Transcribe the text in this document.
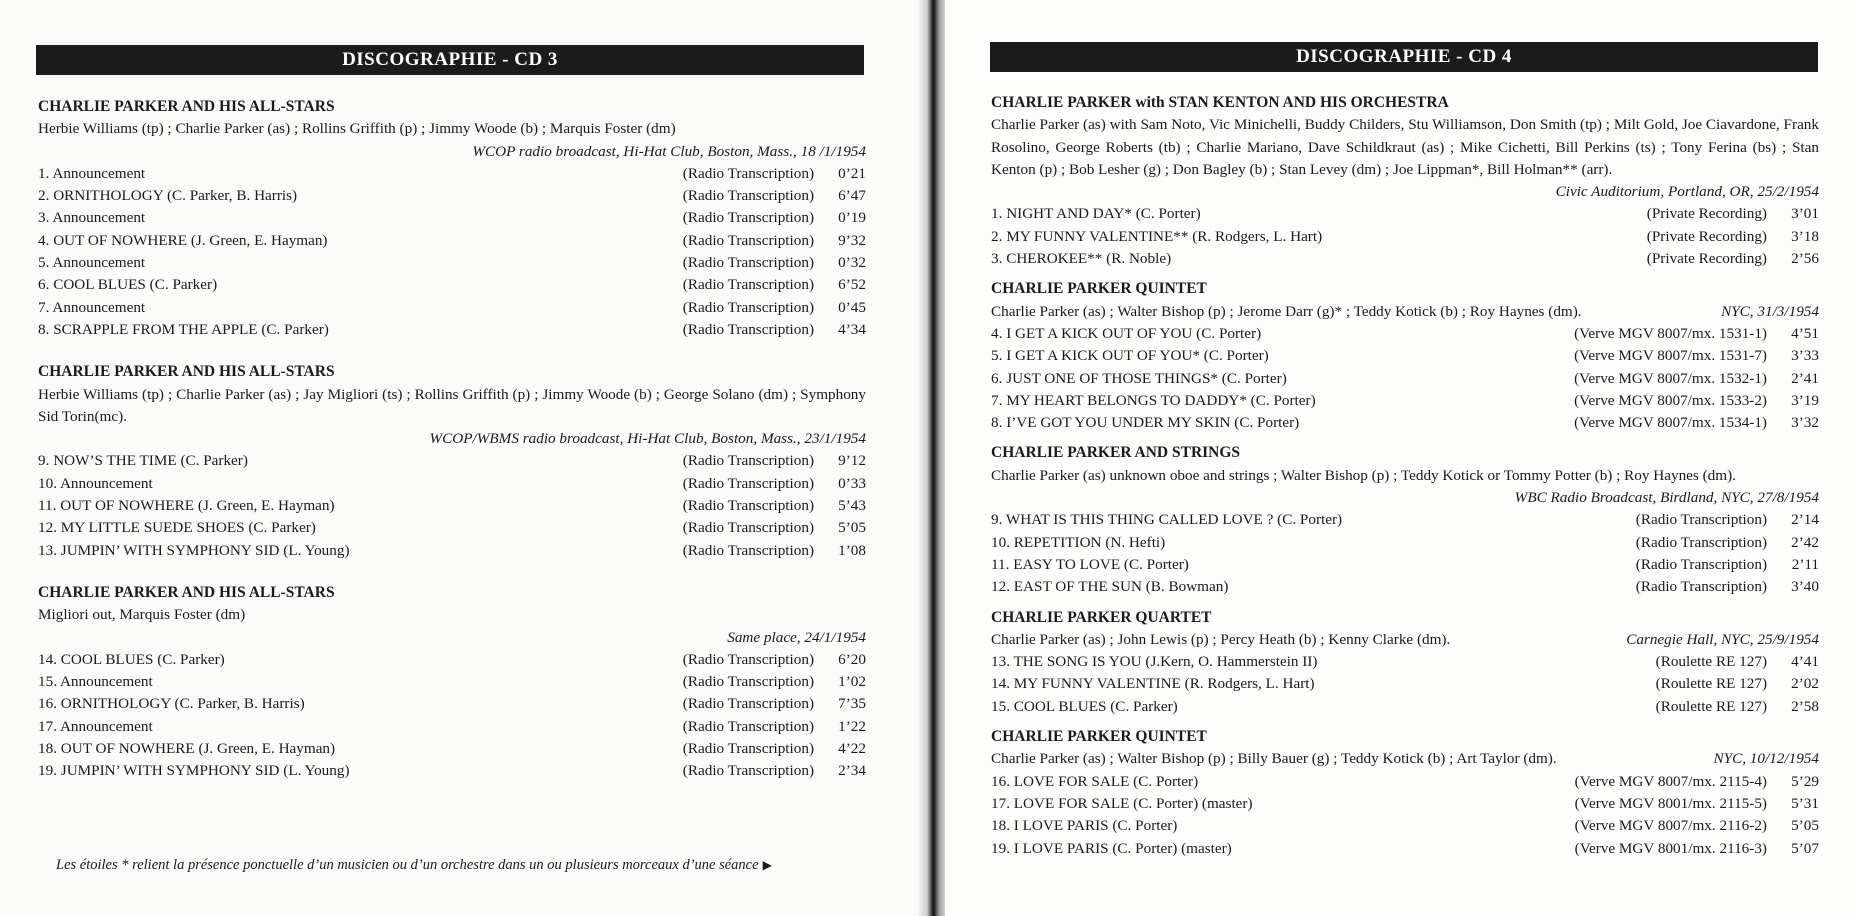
DISCOGRAPHIE - CD 3
CHARLIE PARKER AND HIS ALL-STARS
Herbie Williams (tp) ; Charlie Parker (as) ; Rollins Griffith (p) ; Jimmy Woode (b) ; Marquis Foster (dm)
WCOP radio broadcast, Hi-Hat Club, Boston, Mass., 18 /1/1954
1. Announcement	(Radio Transcription)	0’21
2. ORNITHOLOGY (C. Parker, B. Harris)	(Radio Transcription)	6’47
3. Announcement	(Radio Transcription)	0’19
4. OUT OF NOWHERE (J. Green, E. Hayman)	(Radio Transcription)	9’32
5. Announcement	(Radio Transcription)	0’32
6. COOL BLUES (C. Parker)	(Radio Transcription)	6’52
7. Announcement	(Radio Transcription)	0’45
8. SCRAPPLE FROM THE APPLE (C. Parker)	(Radio Transcription)	4’34
CHARLIE PARKER AND HIS ALL-STARS
Herbie Williams (tp) ; Charlie Parker (as) ; Jay Migliori (ts) ; Rollins Griffith (p) ; Jimmy Woode (b) ; George Solano (dm) ; Symphony Sid Torin(mc).
WCOP/WBMS radio broadcast, Hi-Hat Club, Boston, Mass., 23/1/1954
9. NOW’S THE TIME (C. Parker)	(Radio Transcription)	9’12
10. Announcement	(Radio Transcription)	0’33
11. OUT OF NOWHERE (J. Green, E. Hayman)	(Radio Transcription)	5’43
12. MY LITTLE SUEDE SHOES (C. Parker)	(Radio Transcription)	5’05
13. JUMPIN’ WITH SYMPHONY SID (L. Young)	(Radio Transcription)	1’08
CHARLIE PARKER AND HIS ALL-STARS
Migliori out, Marquis Foster (dm)
Same place, 24/1/1954
14. COOL BLUES (C. Parker)	(Radio Transcription)	6’20
15. Announcement	(Radio Transcription)	1’02
16. ORNITHOLOGY (C. Parker, B. Harris)	(Radio Transcription)	7’35
17. Announcement	(Radio Transcription)	1’22
18. OUT OF NOWHERE (J. Green, E. Hayman)	(Radio Transcription)	4’22
19. JUMPIN’ WITH SYMPHONY SID (L. Young)	(Radio Transcription)	2’34
Les étoiles * relient la présence ponctuelle d’un musicien ou d’un orchestre dans un ou plusieurs morceaux d’une séance ▶
DISCOGRAPHIE - CD 4
CHARLIE PARKER with STAN KENTON AND HIS ORCHESTRA
Charlie Parker (as) with Sam Noto, Vic Minichelli, Buddy Childers, Stu Williamson, Don Smith (tp) ; Milt Gold, Joe Ciavardone, Frank Rosolino, George Roberts (tb) ; Charlie Mariano, Dave Schildkraut (as) ; Mike Cichetti, Bill Perkins (ts) ; Tony Ferina (bs) ; Stan Kenton (p) ; Bob Lesher (g) ; Don Bagley (b) ; Stan Levey (dm) ; Joe Lippman*, Bill Holman** (arr).
Civic Auditorium, Portland, OR, 25/2/1954
1. NIGHT AND DAY* (C. Porter)	(Private Recording)	3’01
2. MY FUNNY VALENTINE** (R. Rodgers, L. Hart)	(Private Recording)	3’18
3. CHEROKEE** (R. Noble)	(Private Recording)	2’56
CHARLIE PARKER QUINTET
Charlie Parker (as) ; Walter Bishop (p) ; Jerome Darr (g)* ; Teddy Kotick (b) ; Roy Haynes (dm).	NYC, 31/3/1954
4. I GET A KICK OUT OF YOU (C. Porter)	(Verve MGV 8007/mx. 1531-1)	4’51
5. I GET A KICK OUT OF YOU* (C. Porter)	(Verve MGV 8007/mx. 1531-7)	3’33
6. JUST ONE OF THOSE THINGS* (C. Porter)	(Verve MGV 8007/mx. 1532-1)	2’41
7. MY HEART BELONGS TO DADDY* (C. Porter)	(Verve MGV 8007/mx. 1533-2)	3’19
8. I’VE GOT YOU UNDER MY SKIN (C. Porter)	(Verve MGV 8007/mx. 1534-1)	3’32
CHARLIE PARKER AND STRINGS
Charlie Parker (as) unknown oboe and strings ; Walter Bishop (p) ; Teddy Kotick or Tommy Potter (b) ; Roy Haynes (dm).
WBC Radio Broadcast, Birdland, NYC, 27/8/1954
9. WHAT IS THIS THING CALLED LOVE ? (C. Porter)	(Radio Transcription)	2’14
10. REPETITION (N. Hefti)	(Radio Transcription)	2’42
11. EASY TO LOVE (C. Porter)	(Radio Transcription)	2’11
12. EAST OF THE SUN (B. Bowman)	(Radio Transcription)	3’40
CHARLIE PARKER QUARTET
Charlie Parker (as) ; John Lewis (p) ; Percy Heath (b) ; Kenny Clarke (dm).	Carnegie Hall, NYC, 25/9/1954
13. THE SONG IS YOU (J.Kern, O. Hammerstein II)	(Roulette RE 127)	4’41
14. MY FUNNY VALENTINE (R. Rodgers, L. Hart)	(Roulette RE 127)	2’02
15. COOL BLUES (C. Parker)	(Roulette RE 127)	2’58
CHARLIE PARKER QUINTET
Charlie Parker (as) ; Walter Bishop (p) ; Billy Bauer (g) ; Teddy Kotick (b) ; Art Taylor (dm).	NYC, 10/12/1954
16. LOVE FOR SALE (C. Porter)	(Verve MGV 8007/mx. 2115-4)	5’29
17. LOVE FOR SALE (C. Porter) (master)	(Verve MGV 8001/mx. 2115-5)	5’31
18. I LOVE PARIS (C. Porter)	(Verve MGV 8007/mx. 2116-2)	5’05
19. I LOVE PARIS (C. Porter) (master)	(Verve MGV 8001/mx. 2116-3)	5’07
